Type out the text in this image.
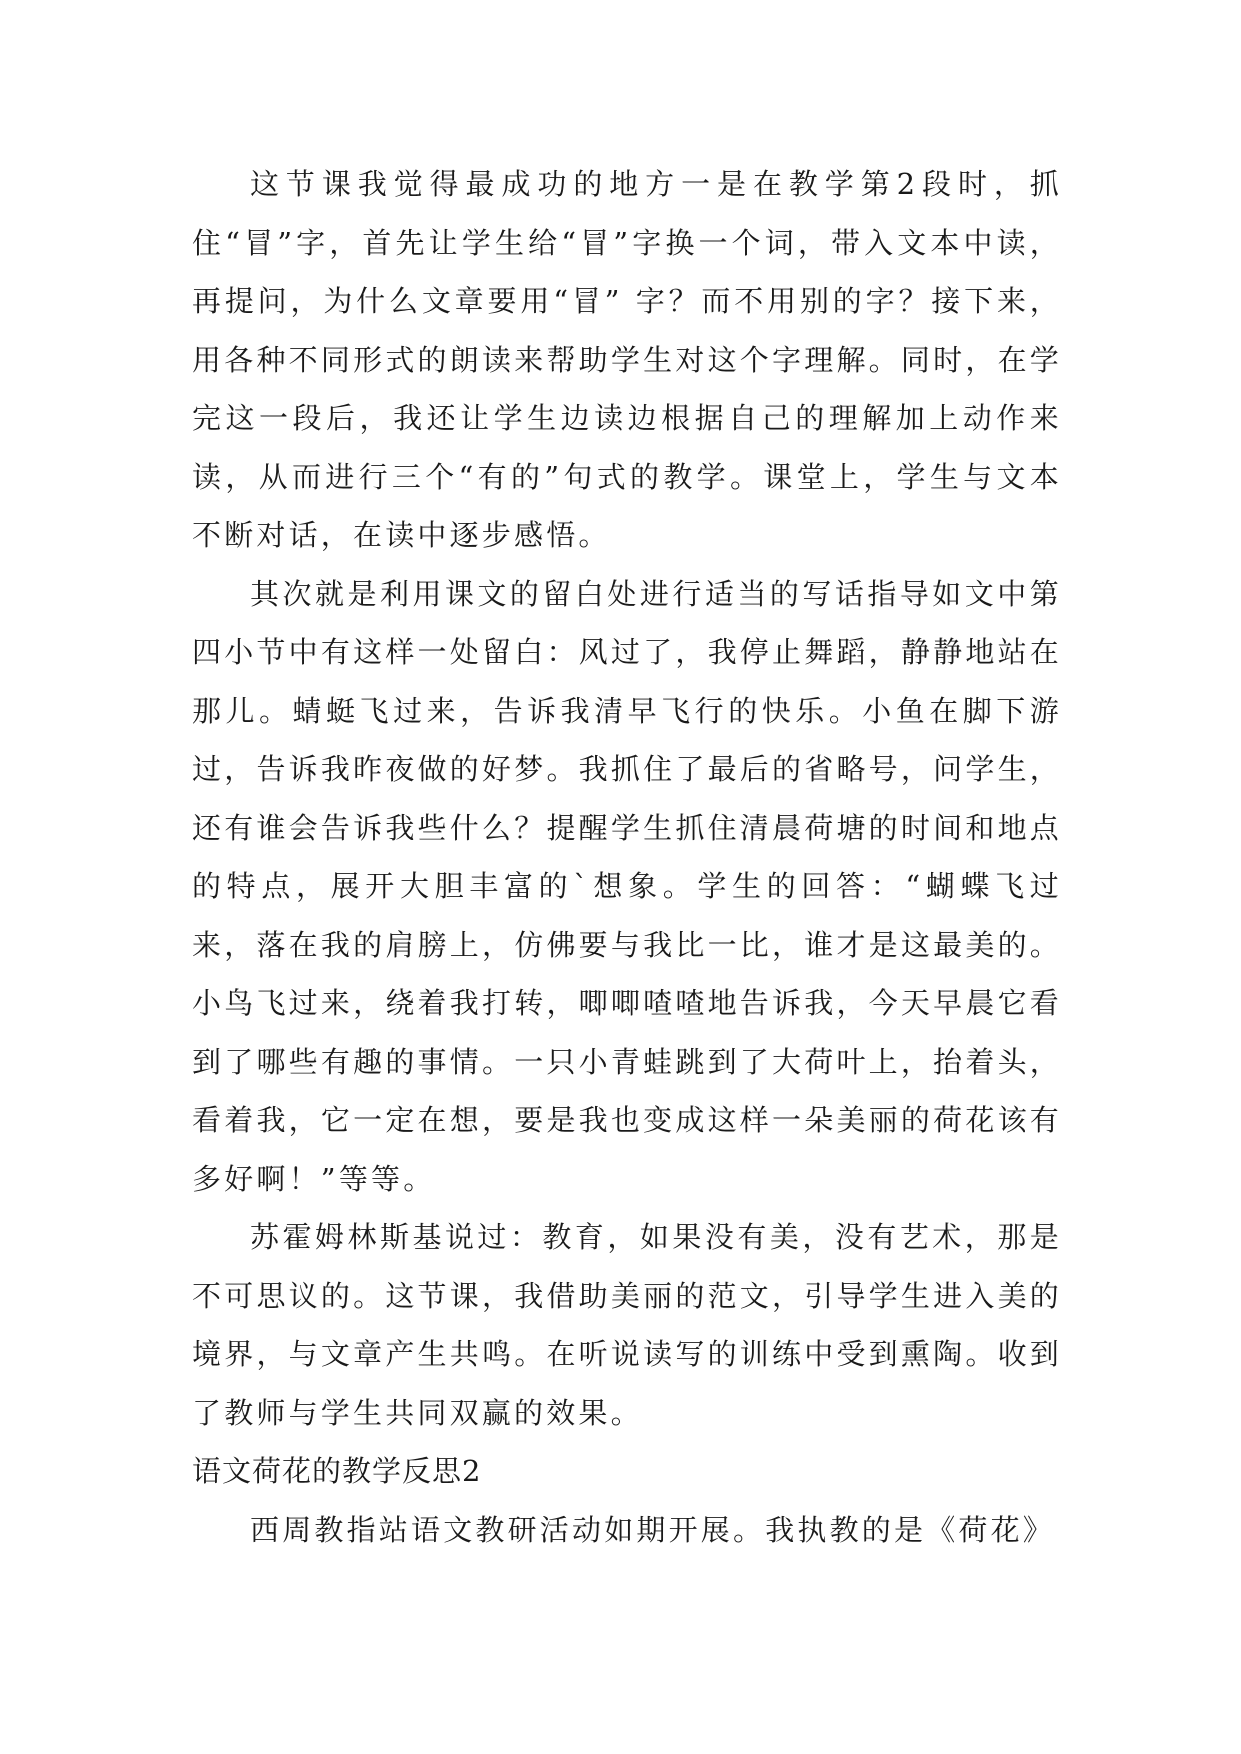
这节课我觉得最成功的地方一是在教学第2段时，抓住“冒”字，首先让学生给“冒”字换一个词，带入文本中读，再提问，为什么文章要用“冒” 字？而不用别的字？接下来，用各种不同形式的朗读来帮助学生对这个字理解。同时，在学完这一段后，我还让学生边读边根据自己的理解加上动作来读，从而进行三个“有的”句式的教学。课堂上，学生与文本不断对话，在读中逐步感悟。

其次就是利用课文的留白处进行适当的写话指导如文中第四小节中有这样一处留白：风过了，我停止舞蹈，静静地站在那儿。蜻蜓飞过来，告诉我清早飞行的快乐。小鱼在脚下游过，告诉我昨夜做的好梦。我抓住了最后的省略号，问学生，还有谁会告诉我些什么？提醒学生抓住清晨荷塘的时间和地点的特点，展开大胆丰富的`想象。学生的回答：“蝴蝶飞过来，落在我的肩膀上，仿佛要与我比一比，谁才是这最美的。小鸟飞过来，绕着我打转，唧唧喳喳地告诉我，今天早晨它看到了哪些有趣的事情。一只小青蛙跳到了大荷叶上，抬着头，看着我，它一定在想，要是我也变成这样一朵美丽的荷花该有多好啊！”等等。

苏霍姆林斯基说过：教育，如果没有美，没有艺术，那是不可思议的。这节课，我借助美丽的范文，引导学生进入美的境界，与文章产生共鸣。在听说读写的训练中受到熏陶。收到了教师与学生共同双赢的效果。

语文荷花的教学反思2

西周教指站语文教研活动如期开展。我执教的是《荷花》
